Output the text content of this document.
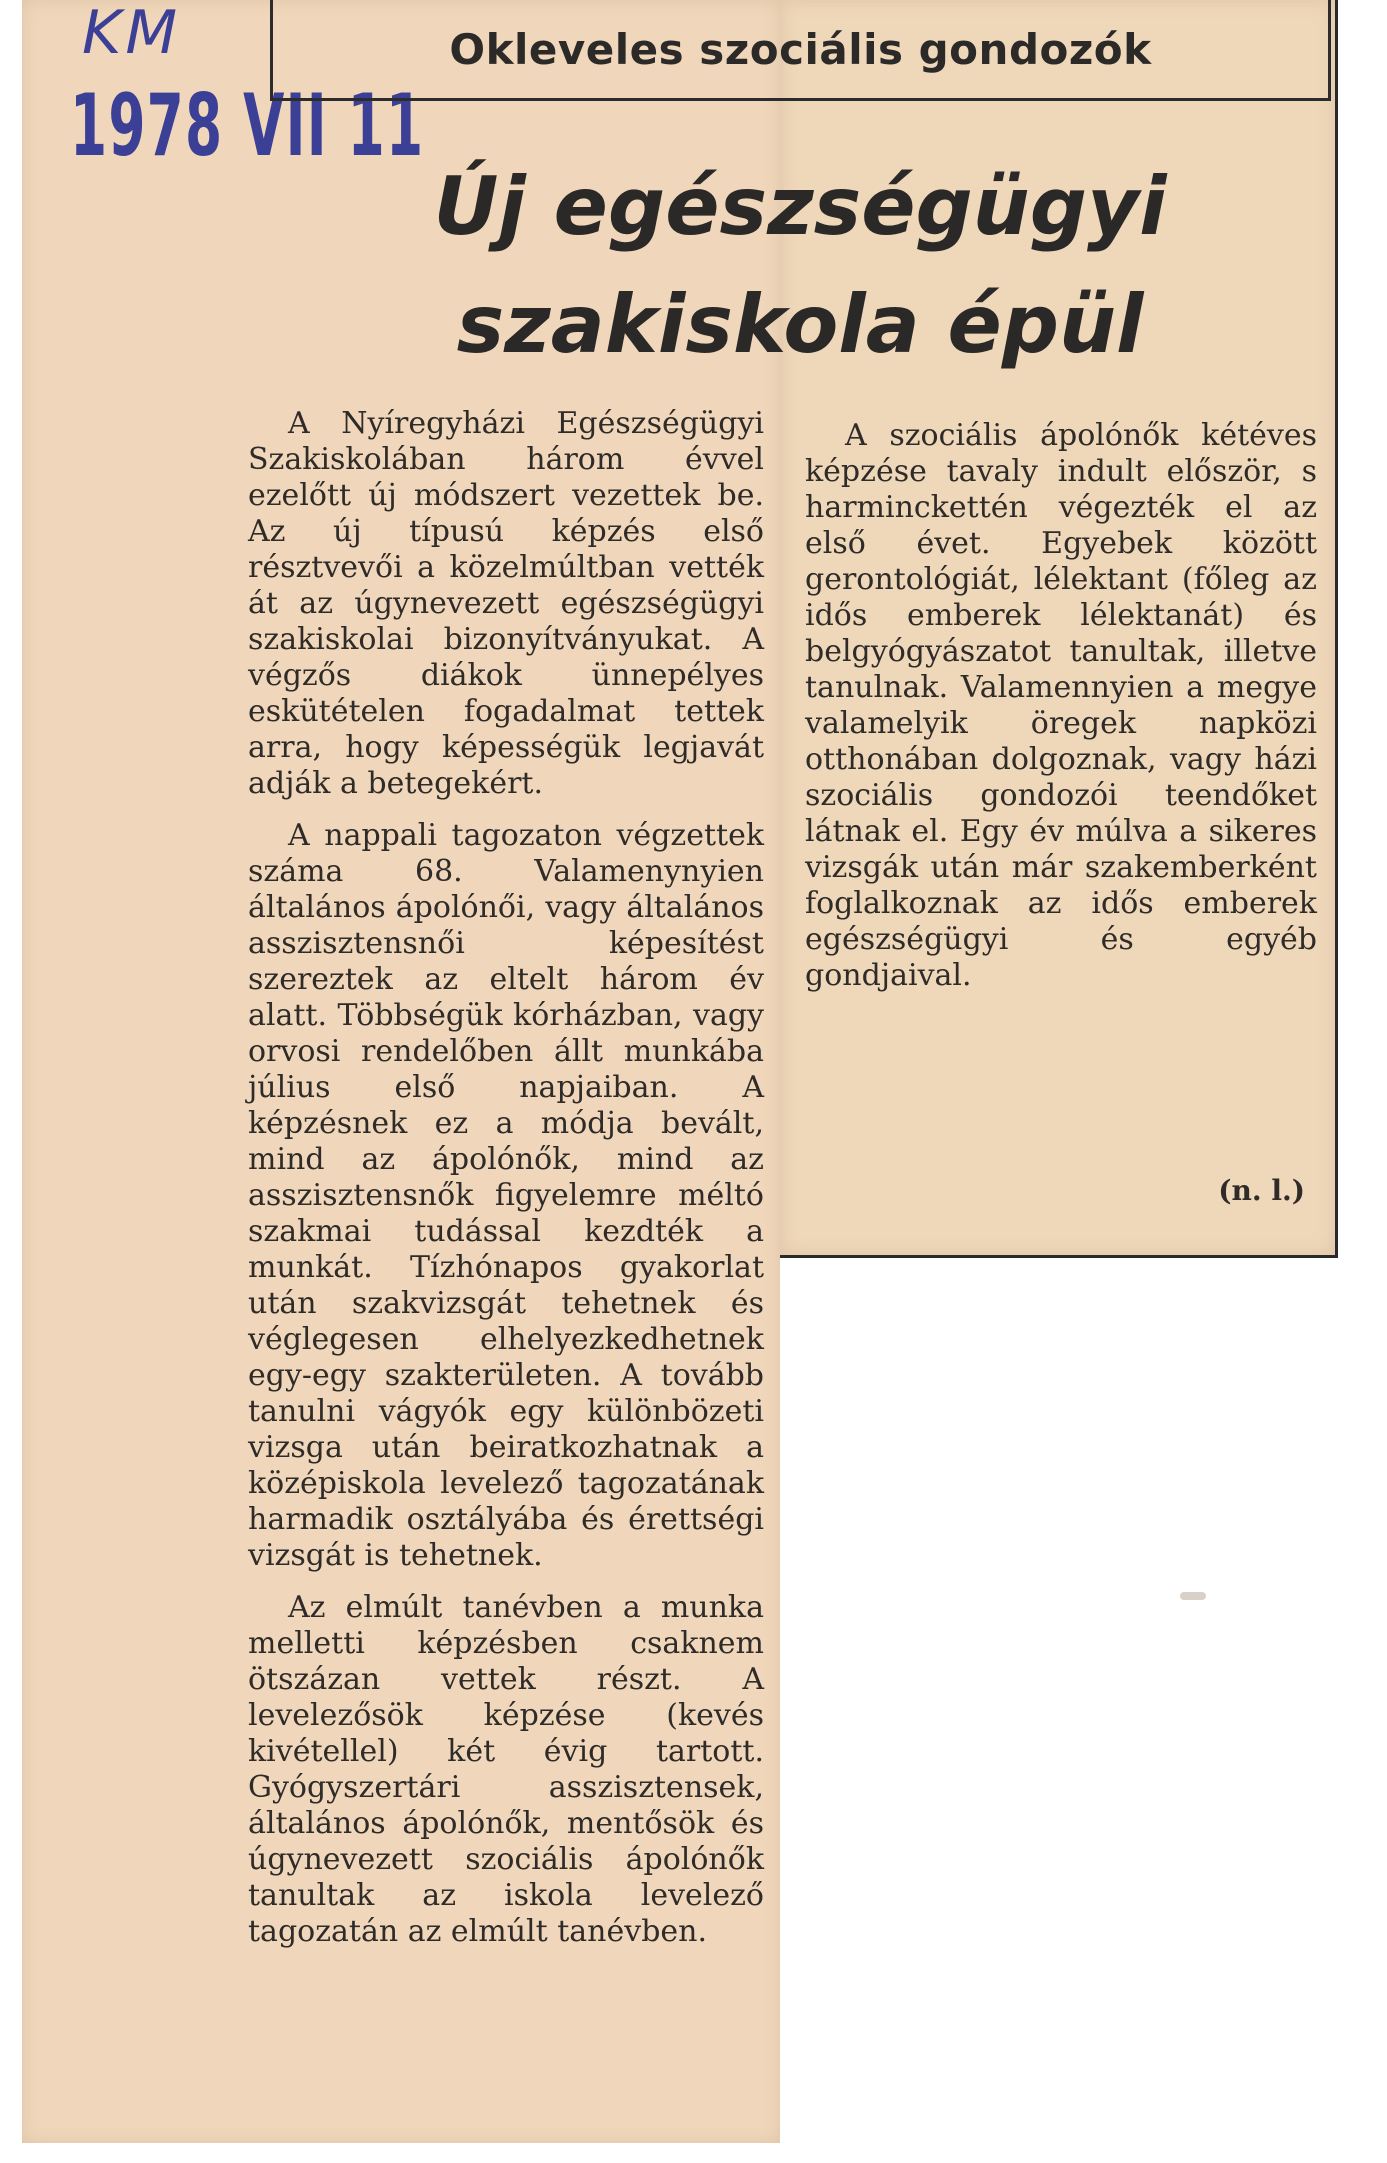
KM
1978 VII 11
Okleveles szociális gondozók
Új egészségügyi
szakiskola épül

A Nyíregyházi Egészségügyi Szakiskolában három évvel ezelőtt új módszert vezettek be. Az új típusú képzés első résztvevői a közelmúltban vették át az úgynevezett egészségügyi szakiskolai bizonyítványukat. A végzős diákok ünnepélyes eskütételen fogadalmat tettek arra, hogy képességük legjavát adják a betegekért.

A nappali tagozaton végzettek száma 68. Valamenynyien általános ápolónői, vagy általános asszisztensnői képesítést szereztek az eltelt három év alatt. Többségük kórházban, vagy orvosi rendelőben állt munkába július első napjaiban. A képzésnek ez a módja bevált, mind az ápolónők, mind az asszisztensnők figyelemre méltó szakmai tudással kezdték a munkát. Tízhónapos gyakorlat után szakvizsgát tehetnek és véglegesen elhelyezkedhetnek egy-egy szakterületen. A tovább tanulni vágyók egy különbözeti vizsga után beiratkozhatnak a középiskola levelező tagozatának harmadik osztályába és érettségi vizsgát is tehetnek.

Az elmúlt tanévben a munka melletti képzésben csaknem ötszázan vettek részt. A levelezősök képzése (kevés kivétellel) két évig tartott. Gyógyszertári asszisztensek, általános ápolónők, mentősök és úgynevezett szociális ápolónők tanultak az iskola levelező tagozatán az elmúlt tanévben.

A szociális ápolónők kétéves képzése tavaly indult először, s harminckettén végezték el az első évet. Egyebek között gerontológiát, lélektant (főleg az idős emberek lélektanát) és belgyógyászatot tanultak, illetve tanulnak. Valamennyien a megye valamelyik öregek napközi otthonában dolgoznak, vagy házi szociális gondozói teendőket látnak el. Egy év múlva a sikeres vizsgák után már szakemberként foglalkoznak az idős emberek egészségügyi és egyéb gondjaival.

(n. l.)
